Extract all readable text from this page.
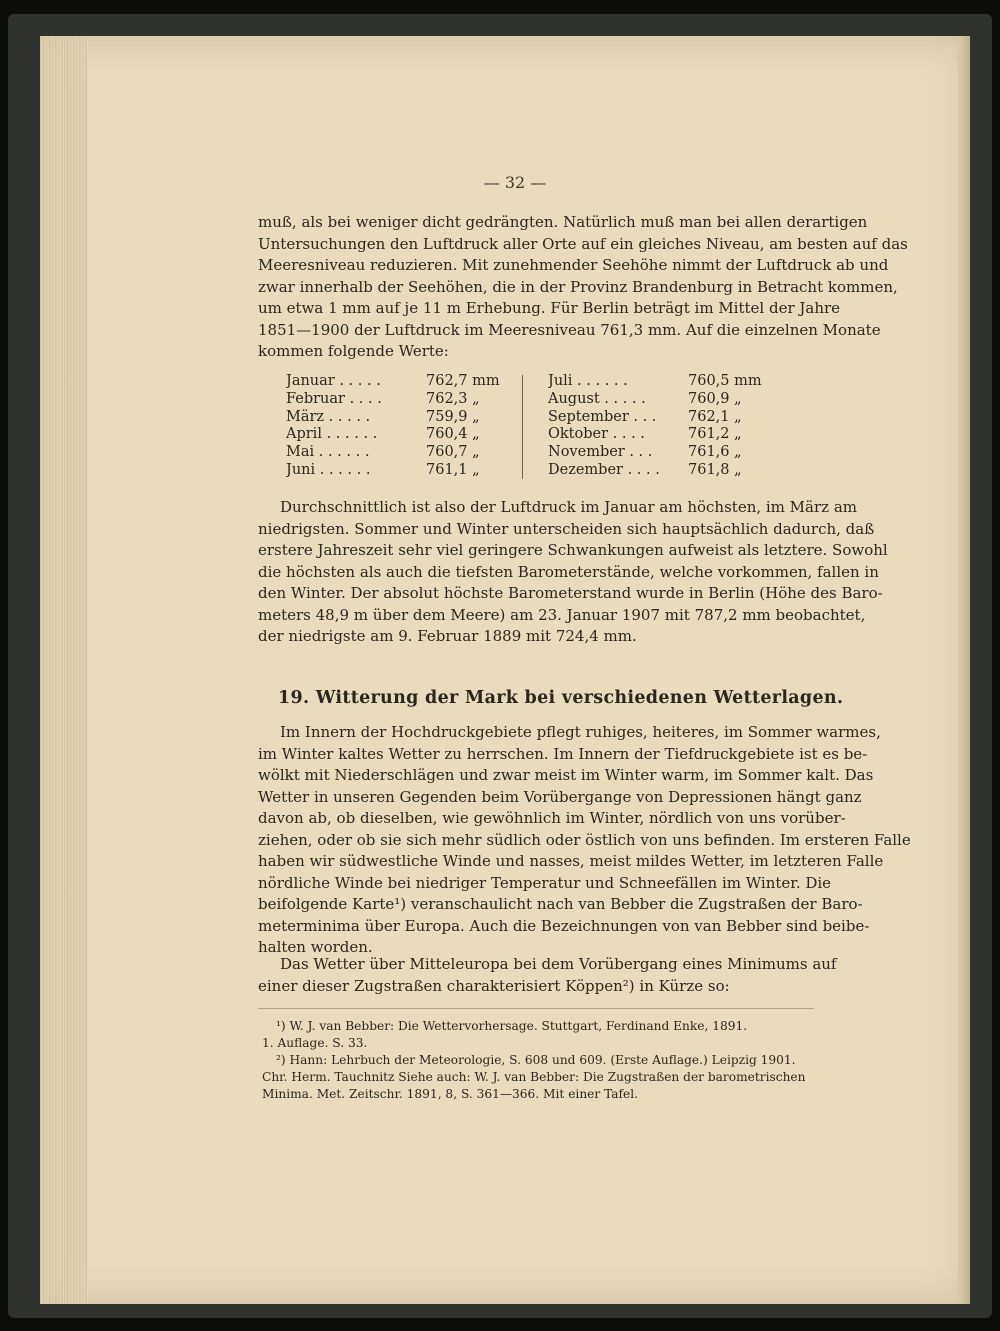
— 32 —
muß, als bei weniger dicht gedrängten. Natürlich muß man bei allen derartigen
Untersuchungen den Luftdruck aller Orte auf ein gleiches Niveau, am besten auf das
Meeresniveau reduzieren. Mit zunehmender Seehöhe nimmt der Luftdruck ab und
zwar innerhalb der Seehöhen, die in der Provinz Brandenburg in Betracht kommen,
um etwa 1 mm auf je 11 m Erhebung. Für Berlin beträgt im Mittel der Jahre
1851—1900 der Luftdruck im Meeresniveau 761,3 mm. Auf die einzelnen Monate
kommen folgende Werte:
Januar . . . . .	762,7 mm
Februar . . . .	762,3 „
März . . . . .	759,9 „
April . . . . . .	760,4 „
Mai . . . . . .	760,7 „
Juni . . . . . .	761,1 „
Juli . . . . . .	760,5 mm
August . . . . .	760,9 „
September . . .	762,1 „
Oktober . . . .	761,2 „
November . . .	761,6 „
Dezember . . . .	761,8 „
Durchschnittlich ist also der Luftdruck im Januar am höchsten, im März am
niedrigsten. Sommer und Winter unterscheiden sich hauptsächlich dadurch, daß
erstere Jahreszeit sehr viel geringere Schwankungen aufweist als letztere. Sowohl
die höchsten als auch die tiefsten Barometerstände, welche vorkommen, fallen in
den Winter. Der absolut höchste Barometerstand wurde in Berlin (Höhe des Baro-
meters 48,9 m über dem Meere) am 23. Januar 1907 mit 787,2 mm beobachtet,
der niedrigste am 9. Februar 1889 mit 724,4 mm.
19. Witterung der Mark bei verschiedenen Wetterlagen.
Im Innern der Hochdruckgebiete pflegt ruhiges, heiteres, im Sommer warmes,
im Winter kaltes Wetter zu herrschen. Im Innern der Tiefdruckgebiete ist es be-
wölkt mit Niederschlägen und zwar meist im Winter warm, im Sommer kalt. Das
Wetter in unseren Gegenden beim Vorübergange von Depressionen hängt ganz
davon ab, ob dieselben, wie gewöhnlich im Winter, nördlich von uns vorüber-
ziehen, oder ob sie sich mehr südlich oder östlich von uns befinden. Im ersteren Falle
haben wir südwestliche Winde und nasses, meist mildes Wetter, im letzteren Falle
nördliche Winde bei niedriger Temperatur und Schneefällen im Winter. Die
beifolgende Karte¹) veranschaulicht nach van Bebber die Zugstraßen der Baro-
meterminima über Europa. Auch die Bezeichnungen von van Bebber sind beibe-
halten worden.
Das Wetter über Mitteleuropa bei dem Vorübergang eines Minimums auf
einer dieser Zugstraßen charakterisiert Köppen²) in Kürze so:
¹) W. J. van Bebber: Die Wettervorhersage. Stuttgart, Ferdinand Enke, 1891.
1. Auflage. S. 33.
²) Hann: Lehrbuch der Meteorologie, S. 608 und 609. (Erste Auflage.) Leipzig 1901.
Chr. Herm. Tauchnitz Siehe auch: W. J. van Bebber: Die Zugstraßen der barometrischen
Minima. Met. Zeitschr. 1891, 8, S. 361—366. Mit einer Tafel.
